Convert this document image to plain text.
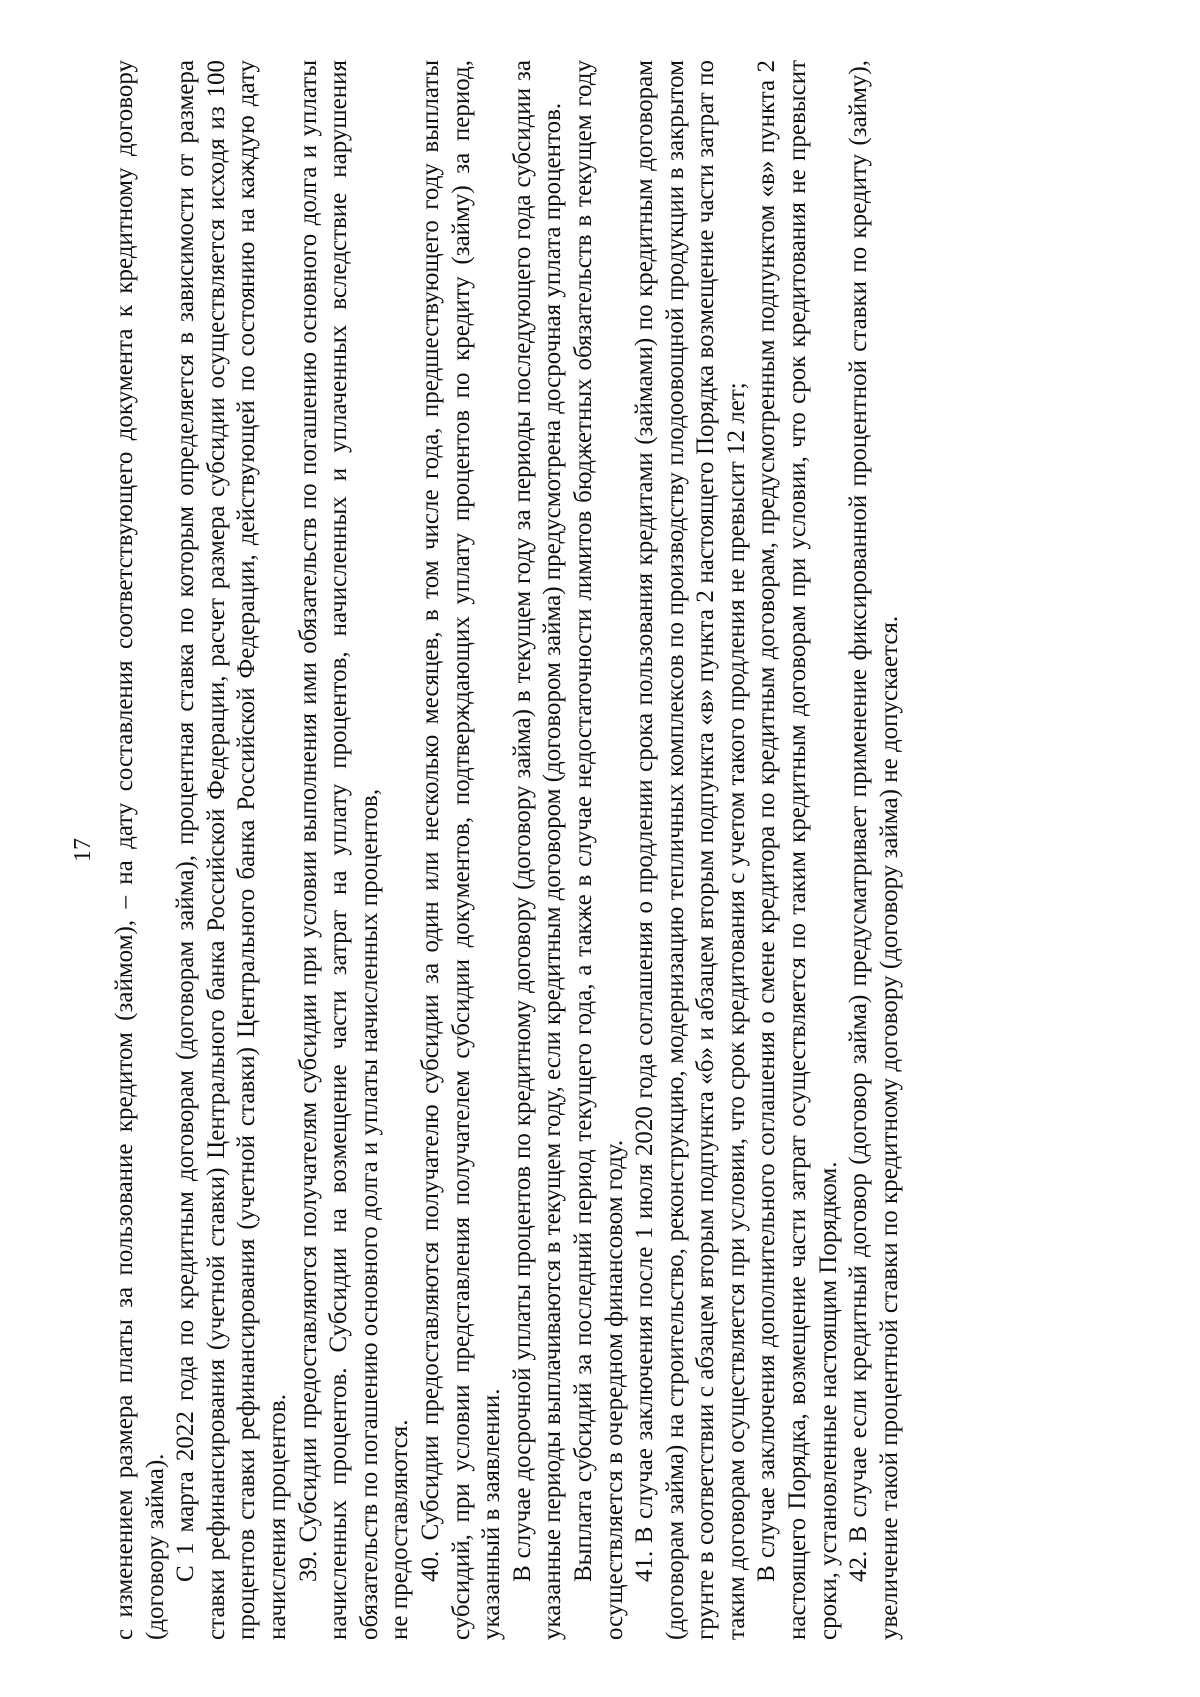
17 с изменением размера платы за пользование кредитом (займом), – на дату составления соответствующего документа к кредитному договору (договору займа). С 1 марта 2022 года по кредитным договорам (договорам займа), процентная ставка по которым определяется в зависимости от размера ставки рефинансирования (учетной ставки) Центрального банка Российской Федерации, расчет размера субсидии осуществляется исходя из 100 процентов ставки рефинансирования (учетной ставки) Центрального банка Российской Федерации, действующей по состоянию на каждую дату начисления процентов. 39. Субсидии предоставляются получателям субсидии при условии выполнения ими обязательств по погашению основного долга и уплаты начисленных процентов. Субсидии на возмещение части затрат на уплату процентов, начисленных и уплаченных вследствие нарушения обязательств по погашению основного долга и уплаты начисленных процентов, не предоставляются. 40. Субсидии предоставляются получателю субсидии за один или несколько месяцев, в том числе года, предшествующего году выплаты субсидий, при условии представления получателем субсидии документов, подтверждающих уплату процентов по кредиту (займу) за период, указанный в заявлении. В случае досрочной уплаты процентов по кредитному договору (договору займа) в текущем году за периоды последующего года субсидии за указанные периоды выплачиваются в текущем году, если кредитным договором (договором займа) предусмотрена досрочная уплата процентов. Выплата субсидий за последний период текущего года, а также в случае недостаточности лимитов бюджетных обязательств в текущем году осуществляется в очередном финансовом году. 41. В случае заключения после 1 июля 2020 года соглашения о продлении срока пользования кредитами (займами) по кредитным договорам (договорам займа) на строительство, реконструкцию, модернизацию тепличных комплексов по производству плодоовощной продукции в закрытом грунте в соответствии с абзацем вторым подпункта «б» и абзацем вторым подпункта «в» пункта 2 настоящего Порядка возмещение части затрат по таким договорам осуществляется при условии, что срок кредитования с учетом такого продления не превысит 12 лет; В случае заключения дополнительного соглашения о смене кредитора по кредитным договорам, предусмотренным подпунктом «в» пункта 2 настоящего Порядка, возмещение части затрат осуществляется по таким кредитным договорам при условии, что срок кредитования не превысит сроки, установленные настоящим Порядком. 42. В случае если кредитный договор (договор займа) предусматривает применение фиксированной процентной ставки по кредиту (займу), увеличение такой процентной ставки по кредитному договору (договору займа) не допускается.
